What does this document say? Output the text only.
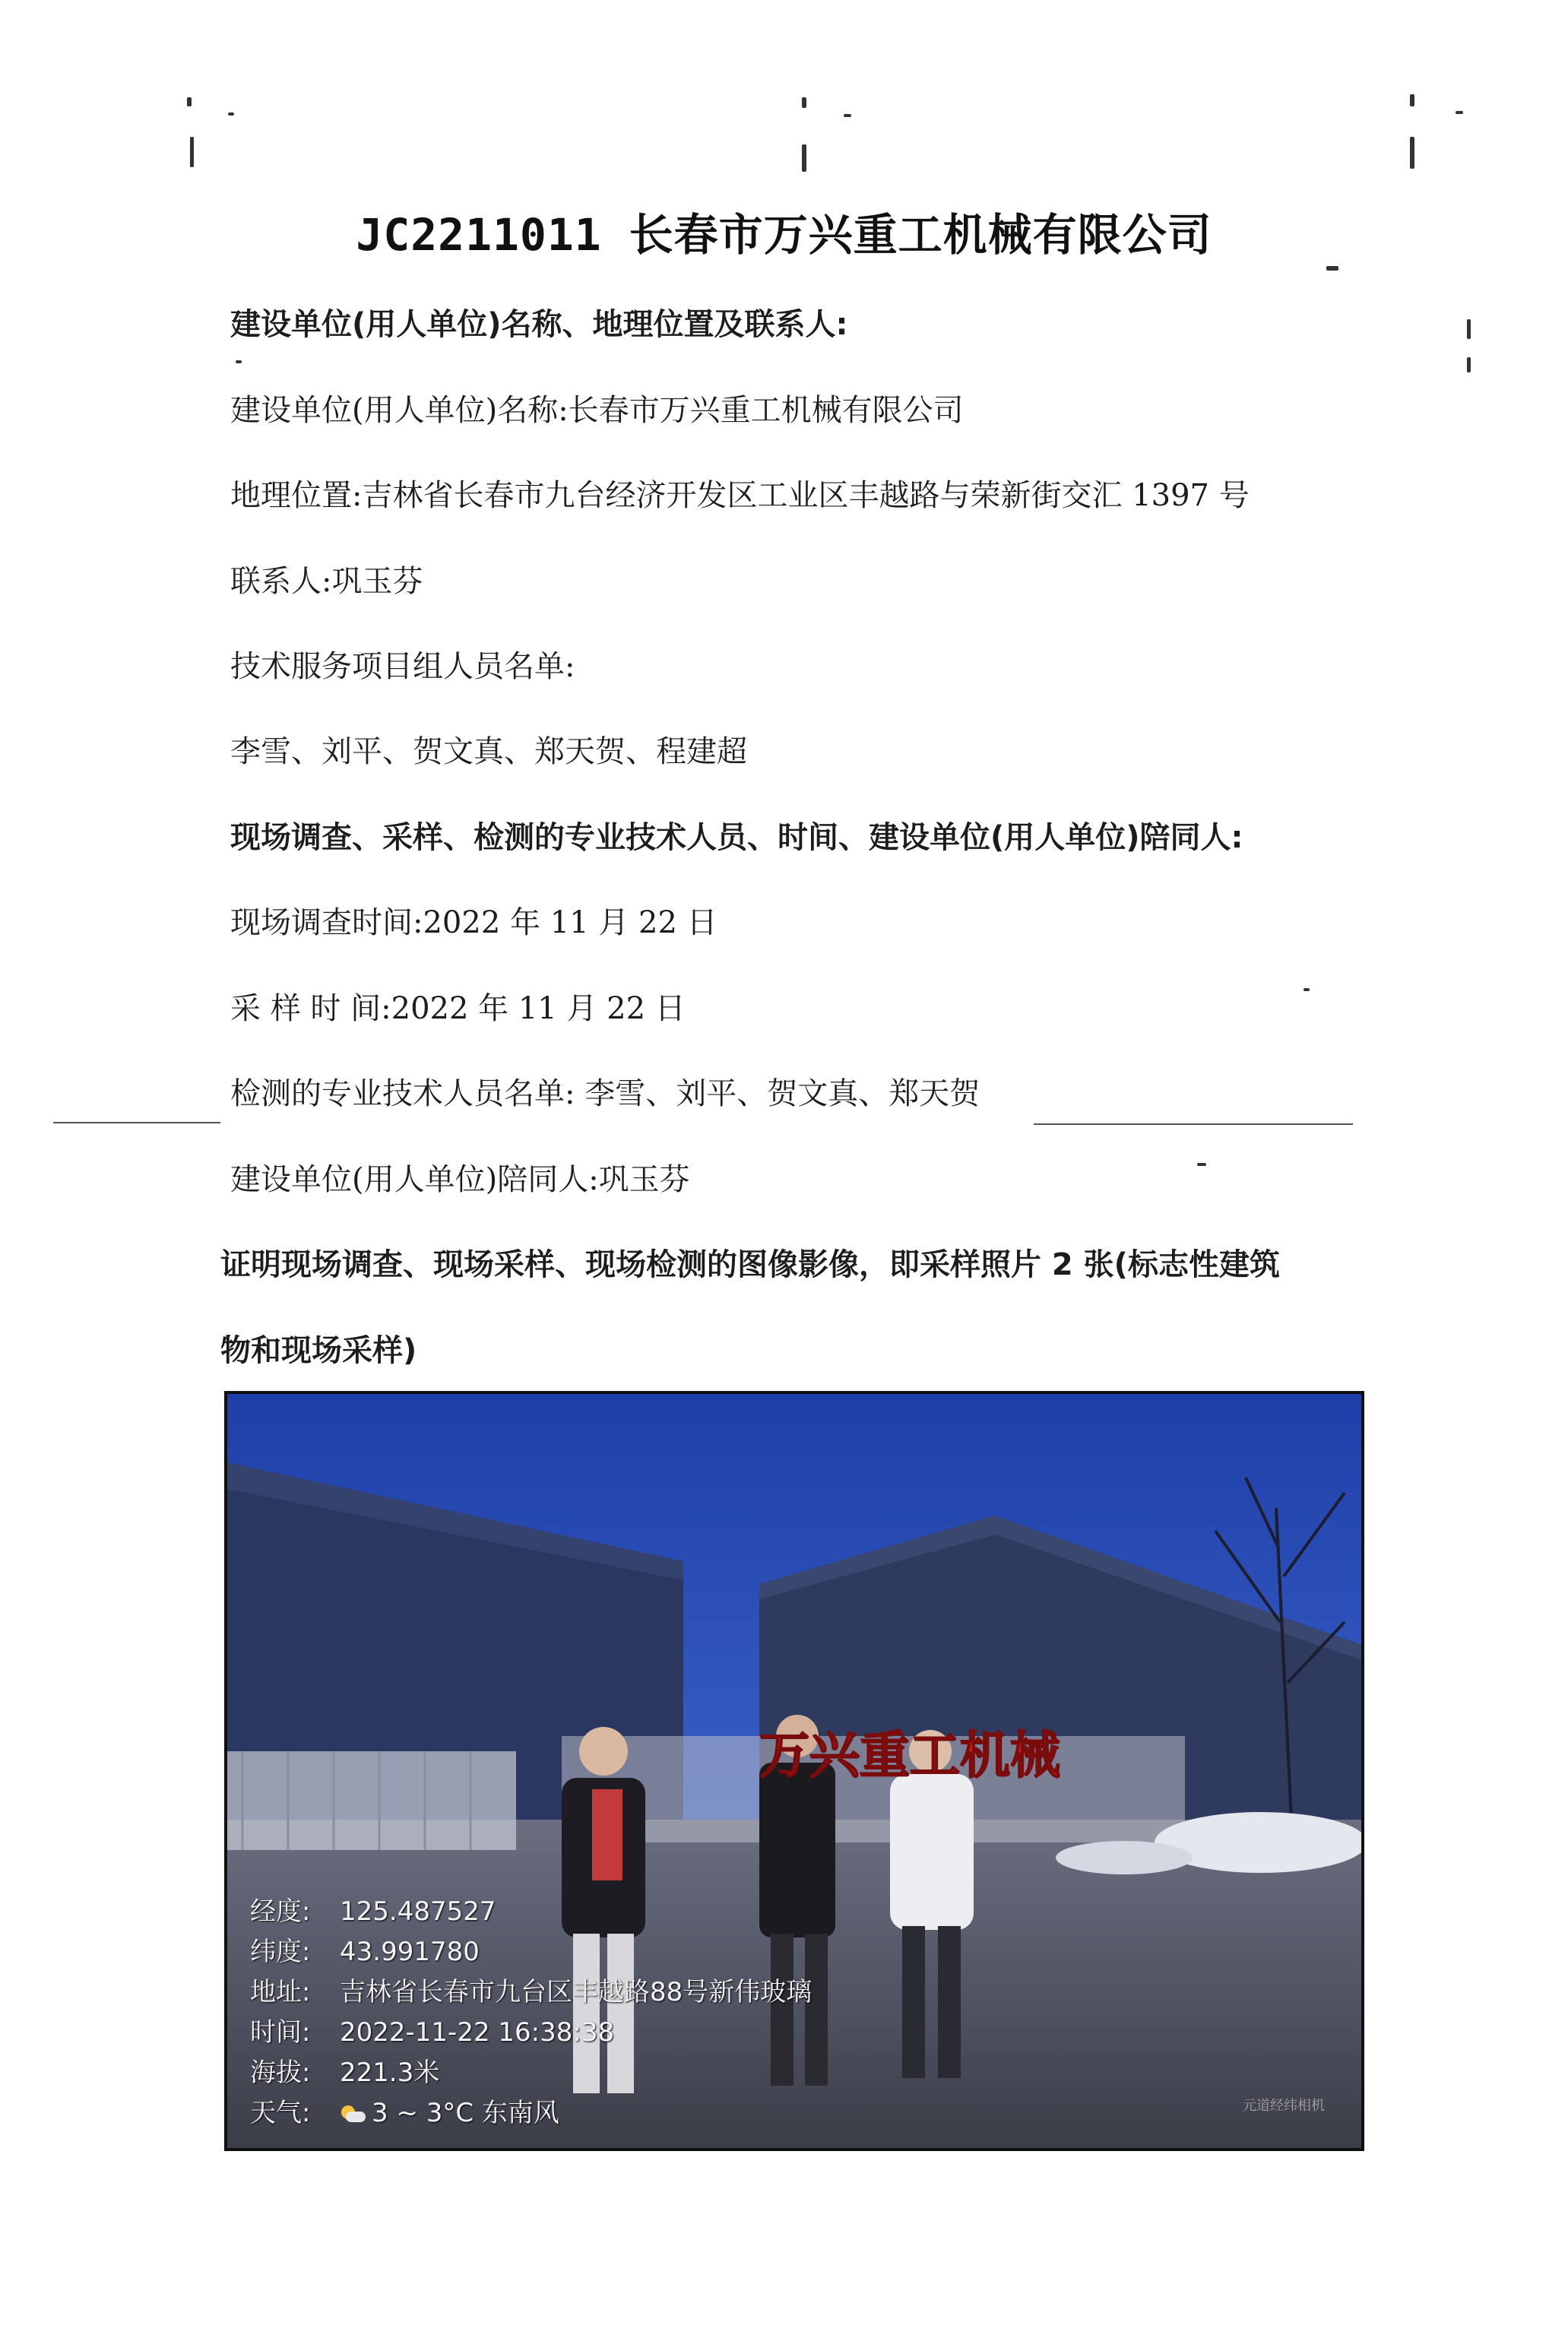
JC2211011 长春市万兴重工机械有限公司
建设单位(用人单位)名称、地理位置及联系人:
建设单位(用人单位)名称:长春市万兴重工机械有限公司
地理位置:吉林省长春市九台经济开发区工业区丰越路与荣新街交汇 1397 号
联系人:巩玉芬
技术服务项目组人员名单:
李雪、刘平、贺文真、郑天贺、程建超
现场调查、采样、检测的专业技术人员、时间、建设单位(用人单位)陪同人:
现场调查时间:2022 年 11 月 22 日
采 样 时 间:2022 年 11 月 22 日
检测的专业技术人员名单: 李雪、刘平、贺文真、郑天贺
建设单位(用人单位)陪同人:巩玉芬
证明现场调查、现场采样、现场检测的图像影像，即采样照片 2 张(标志性建筑
物和现场采样)
万兴重工机械
经度: 125.487527
纬度: 43.991780
地址: 吉林省长春市九台区丰越路88号新伟玻璃
时间: 2022-11-22 16:38:38
海拔: 221.3米
天气: 3 ~ 3°C 东南风	元道经纬相机
